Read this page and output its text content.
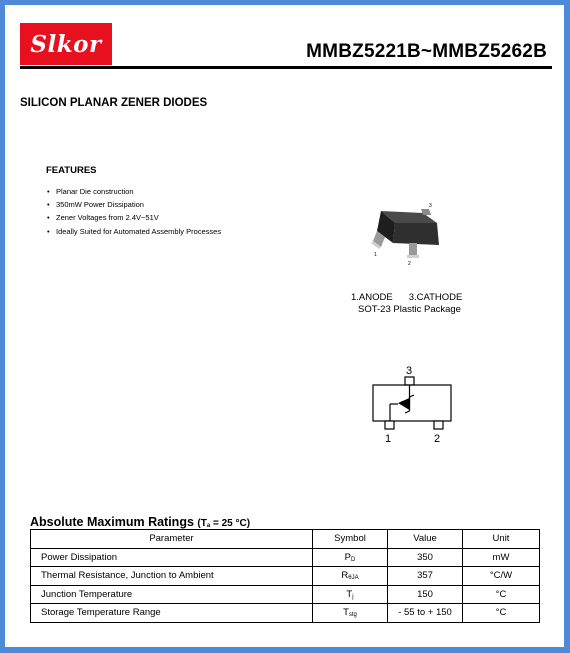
Slkor	MMBZ5221B~MMBZ5262B
SILICON PLANAR ZENER DIODES
FEATURES
• Planar Die construction
• 350mW Power Dissipation
• Zener Voltages from 2.4V~51V
• Ideally Suited for Automated Assembly Processes
3
1
2
1.ANODE 3.CATHODE
SOT-23 Plastic Package
3
1	2
Absolute Maximum Ratings (Ta = 25 °C)
Parameter	Symbol	Value	Unit
Power Dissipation	PD	350	mW
Thermal Resistance, Junction to Ambient	RθJA	357	°C/W
Junction Temperature	Tj	150	°C
Storage Temperature Range	Tstg	- 55 to + 150	°C
